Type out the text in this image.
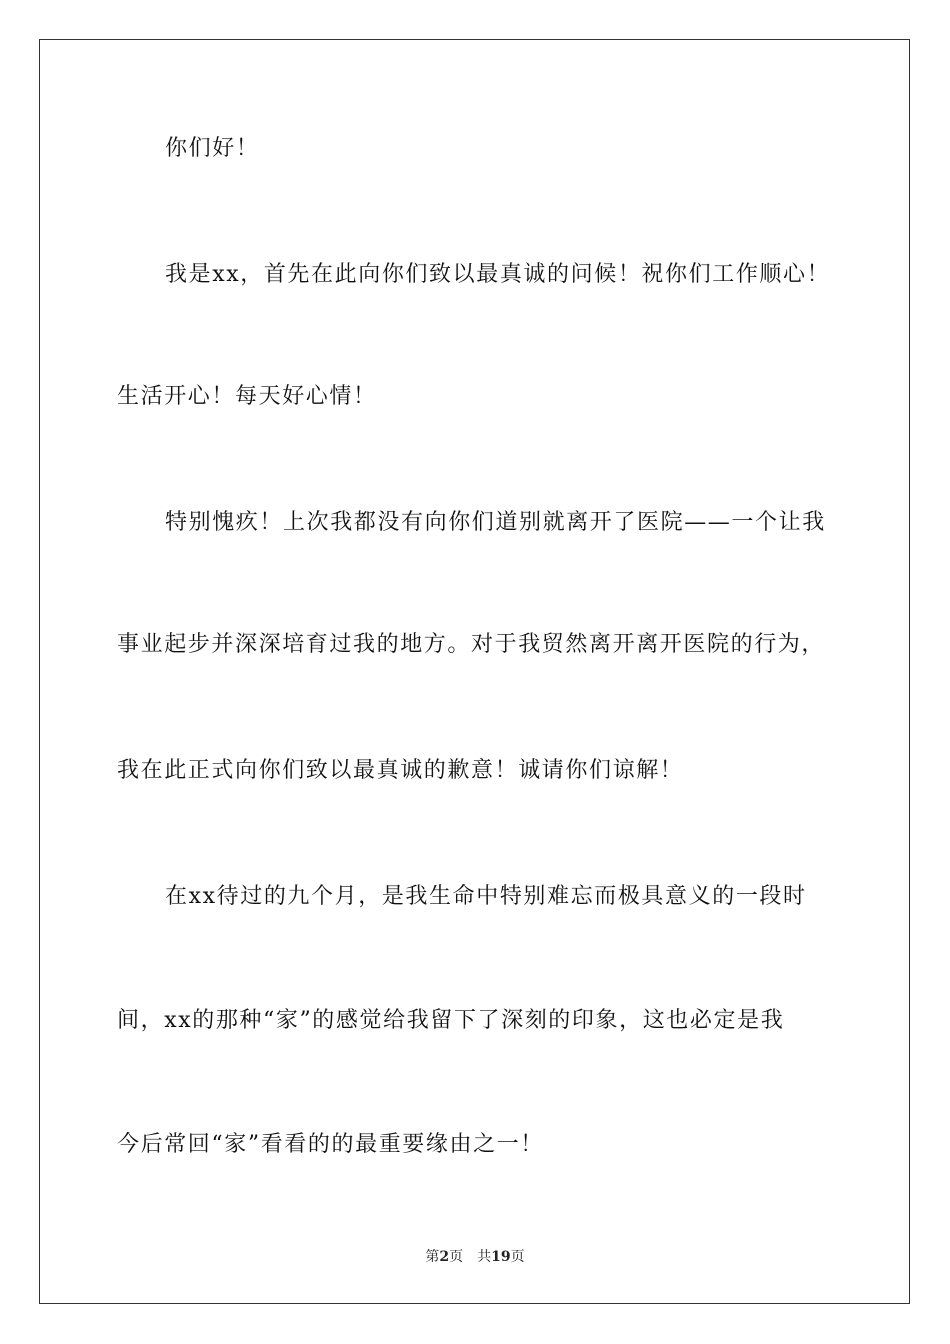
你们好！
我是xx，首先在此向你们致以最真诚的问候！祝你们工作顺心！
生活开心！每天好心情！
特别愧疚！上次我都没有向你们道别就离开了医院——一个让我
事业起步并深深培育过我的地方。对于我贸然离开离开医院的行为，
我在此正式向你们致以最真诚的歉意！诚请你们谅解！
在xx待过的九个月，是我生命中特别难忘而极具意义的一段时
间，xx的那种“家”的感觉给我留下了深刻的印象，这也必定是我
今后常回“家”看看的的最重要缘由之一！
第2页 共19页
